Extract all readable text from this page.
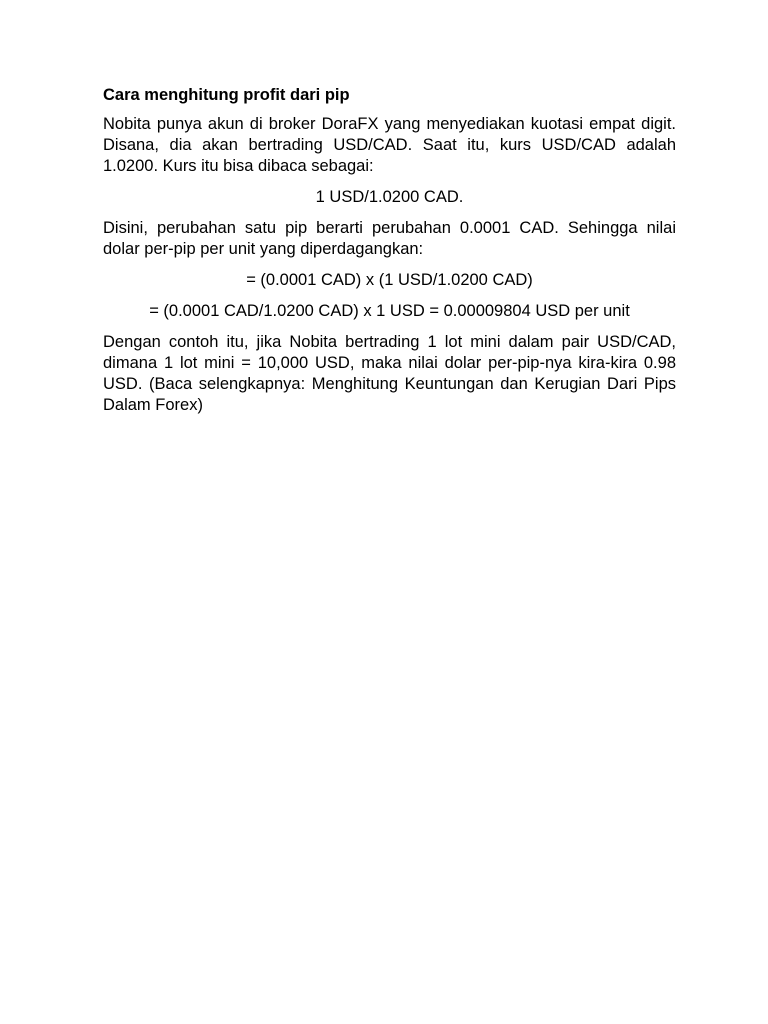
Cara menghitung profit dari pip
Nobita punya akun di broker DoraFX yang menyediakan kuotasi empat digit. Disana, dia akan bertrading USD/CAD. Saat itu, kurs USD/CAD adalah 1.0200. Kurs itu bisa dibaca sebagai:
1 USD/1.0200 CAD.
Disini, perubahan satu pip berarti perubahan 0.0001 CAD. Sehingga nilai dolar per-pip per unit yang diperdagangkan:
= (0.0001 CAD) x (1 USD/1.0200 CAD)
= (0.0001 CAD/1.0200 CAD) x 1 USD = 0.00009804 USD per unit
Dengan contoh itu, jika Nobita bertrading 1 lot mini dalam pair USD/CAD, dimana 1 lot mini = 10,000 USD, maka nilai dolar per-pip-nya kira-kira 0.98 USD. (Baca selengkapnya: Menghitung Keuntungan dan Kerugian Dari Pips Dalam Forex)
